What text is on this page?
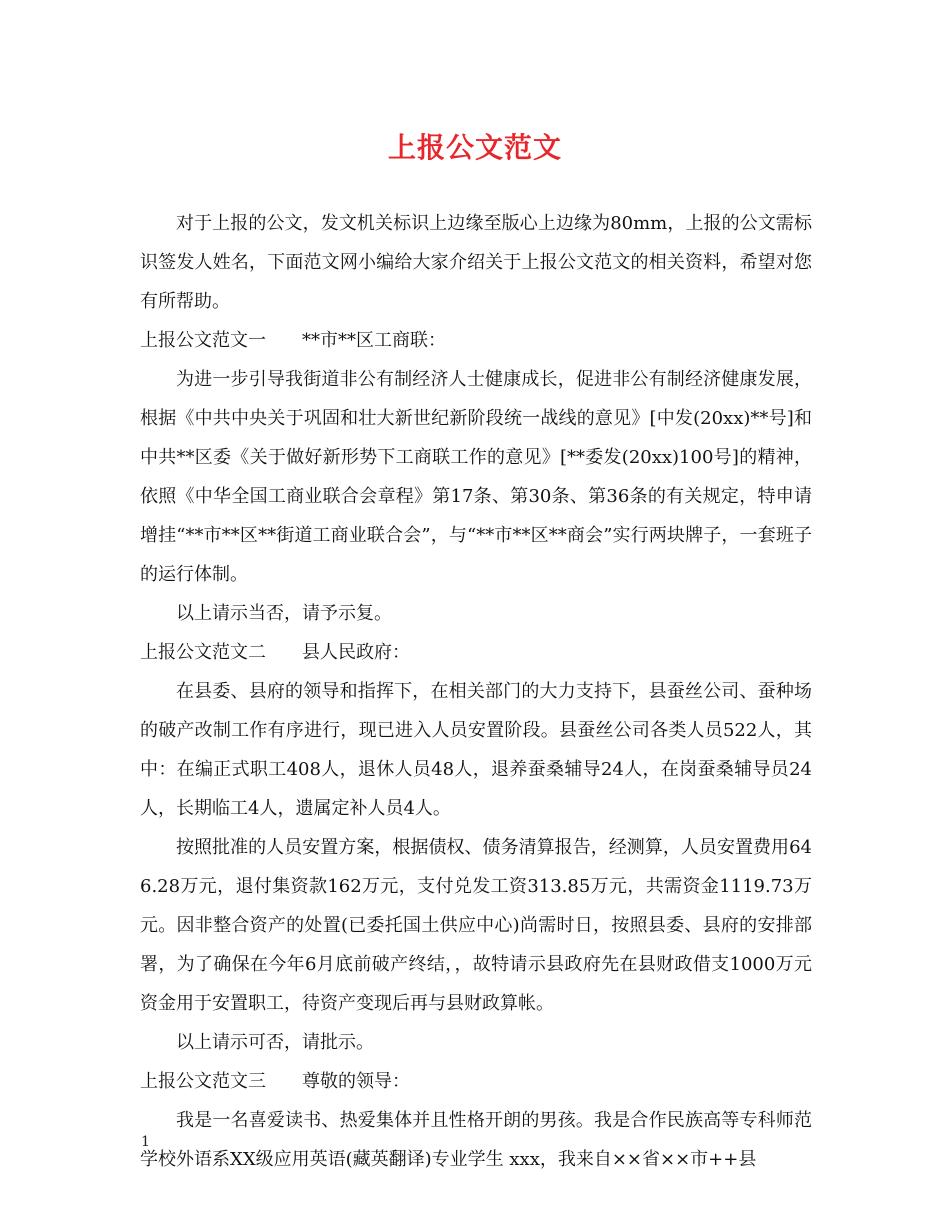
上报公文范文

对于上报的公文，发文机关标识上边缘至版心上边缘为80mm，上报的公文需标识签发人姓名，下面范文网小编给大家介绍关于上报公文范文的相关资料，希望对您有所帮助。

上报公文范文一　　**市**区工商联：

为进一步引导我街道非公有制经济人士健康成长，促进非公有制经济健康发展，根据《中共中央关于巩固和壮大新世纪新阶段统一战线的意见》[中发(20xx)**号]和中共**区委《关于做好新形势下工商联工作的意见》[**委发(20xx)100号]的精神，依照《中华全国工商业联合会章程》第17条、第30条、第36条的有关规定，特申请增挂“**市**区**街道工商业联合会”，与“**市**区**商会”实行两块牌子，一套班子的运行体制。

以上请示当否，请予示复。

上报公文范文二　　县人民政府：

在县委、县府的领导和指挥下，在相关部门的大力支持下，县蚕丝公司、蚕种场的破产改制工作有序进行，现已进入人员安置阶段。县蚕丝公司各类人员522人，其中：在编正式职工408人，退休人员48人，退养蚕桑辅导24人，在岗蚕桑辅导员24人，长期临工4人，遗属定补人员4人。

按照批准的人员安置方案，根据债权、债务清算报告，经测算，人员安置费用646.28万元，退付集资款162万元，支付兑发工资313.85万元，共需资金1119.73万元。因非整合资产的处置(已委托国土供应中心)尚需时日，按照县委、县府的安排部署，为了确保在今年6月底前破产终结，，故特请示县政府先在县财政借支1000万元资金用于安置职工，待资产变现后再与县财政算帐。

以上请示可否，请批示。

上报公文范文三　　尊敬的领导：

我是一名喜爱读书、热爱集体并且性格开朗的男孩。我是合作民族高等专科师范学校外语系XX级应用英语(藏英翻译)专业学生 xxx，我来自××省××市++县

1
